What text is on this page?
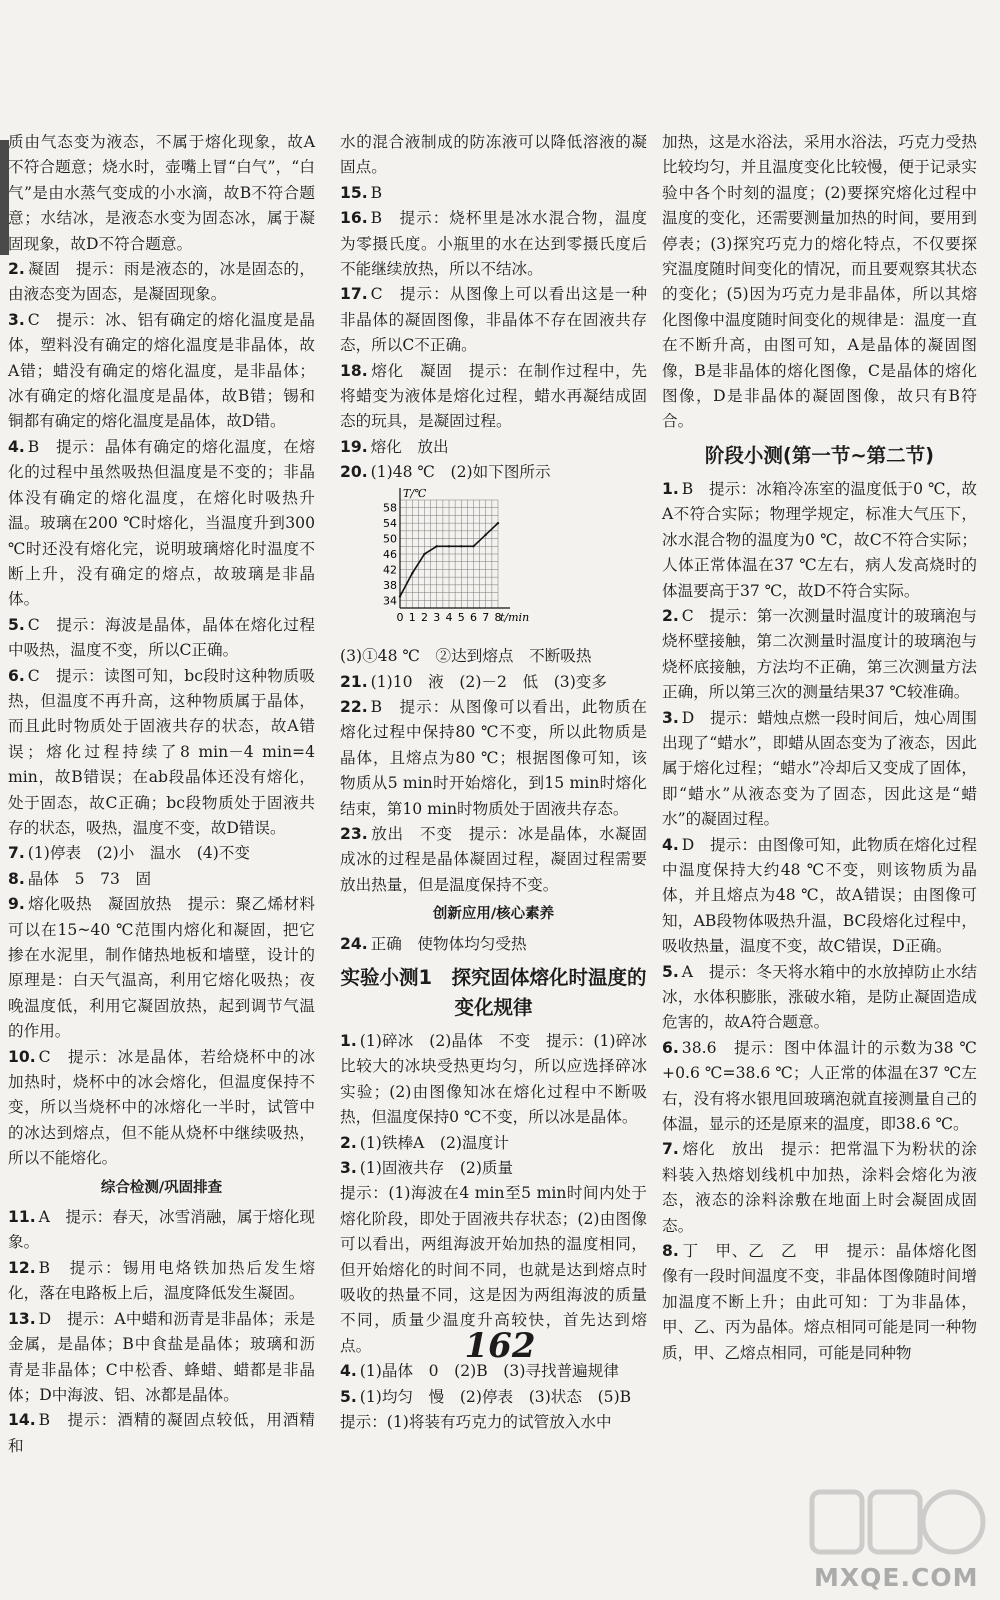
质由气态变为液态，不属于熔化现象，故A不符合题意；烧水时，壶嘴上冒“白气”，“白气”是由水蒸气变成的小水滴，故B不符合题意；水结冰，是液态水变为固态冰，属于凝固现象，故D不符合题意。

2. 凝固　提示：雨是液态的，冰是固态的，由液态变为固态，是凝固现象。

3. C　提示：冰、铝有确定的熔化温度是晶体，塑料没有确定的熔化温度是非晶体，故A错；蜡没有确定的熔化温度，是非晶体；冰有确定的熔化温度是晶体，故B错；锡和铜都有确定的熔化温度是晶体，故D错。

4. B　提示：晶体有确定的熔化温度，在熔化的过程中虽然吸热但温度是不变的；非晶体没有确定的熔化温度，在熔化时吸热升温。玻璃在200 ℃时熔化，当温度升到300 ℃时还没有熔化完，说明玻璃熔化时温度不断上升，没有确定的熔点，故玻璃是非晶体。

5. C　提示：海波是晶体，晶体在熔化过程中吸热，温度不变，所以C正确。

6. C　提示：读图可知，bc段时这种物质吸热，但温度不再升高，这种物质属于晶体，而且此时物质处于固液共存的状态，故A错误；熔化过程持续了8 min－4 min=4 min，故B错误；在ab段晶体还没有熔化，处于固态，故C正确；bc段物质处于固液共存的状态，吸热，温度不变，故D错误。

7. (1)停表　(2)小　温水　(4)不变

8. 晶体　5　73　固

9. 熔化吸热　凝固放热　提示：聚乙烯材料可以在15~40 ℃范围内熔化和凝固，把它掺在水泥里，制作储热地板和墙壁，设计的原理是：白天气温高，利用它熔化吸热；夜晚温度低，利用它凝固放热，起到调节气温的作用。

10. C　提示：冰是晶体，若给烧杯中的冰加热时，烧杯中的冰会熔化，但温度保持不变，所以当烧杯中的冰熔化一半时，试管中的冰达到熔点，但不能从烧杯中继续吸热，所以不能熔化。

综合检测/巩固排查

11. A　提示：春天，冰雪消融，属于熔化现象。

12. B　提示：锡用电烙铁加热后发生熔化，落在电路板上后，温度降低发生凝固。

13. D　提示：A中蜡和沥青是非晶体；汞是金属，是晶体；B中食盐是晶体；玻璃和沥青是非晶体；C中松香、蜂蜡、蜡都是非晶体；D中海波、铝、冰都是晶体。

14. B　提示：酒精的凝固点较低，用酒精和

水的混合液制成的防冻液可以降低溶液的凝固点。

15. B

16. B　提示：烧杯里是冰水混合物，温度为零摄氏度。小瓶里的水在达到零摄氏度后不能继续放热，所以不结冰。

17. C　提示：从图像上可以看出这是一种非晶体的凝固图像，非晶体不存在固液共存态，所以C不正确。

18. 熔化　凝固　提示：在制作过程中，先将蜡变为液体是熔化过程，蜡水再凝结成固态的玩具，是凝固过程。

19. 熔化　放出

20. (1)48 ℃　(2)如下图所示

0 1 2 3 4 5 6 7 8
34
38
42
46
50
54
58
t/min
T/℃

(3)①48 ℃　②达到熔点　不断吸热

21. (1)10　液　(2)－2　低　(3)变多

22. B　提示：从图像可以看出，此物质在熔化过程中保持80 ℃不变，所以此物质是晶体，且熔点为80 ℃；根据图像可知，该物质从5 min时开始熔化，到15 min时熔化结束，第10 min时物质处于固液共存态。

23. 放出　不变　提示：冰是晶体，水凝固成冰的过程是晶体凝固过程，凝固过程需要放出热量，但是温度保持不变。

创新应用/核心素养

24. 正确　使物体均匀受热

实验小测1　探究固体熔化时温度的变化规律

1. (1)碎冰　(2)晶体　不变　提示：(1)碎冰比较大的冰块受热更均匀，所以应选择碎冰实验；(2)由图像知冰在熔化过程中不断吸热，但温度保持0 ℃不变，所以冰是晶体。

2. (1)铁棒A　(2)温度计

3. (1)固液共存　(2)质量

提示：(1)海波在4 min至5 min时间内处于熔化阶段，即处于固液共存状态；(2)由图像可以看出，两组海波开始加热的温度相同，但开始熔化的时间不同，也就是达到熔点时吸收的热量不同，这是因为两组海波的质量不同，质量少温度升高较快，首先达到熔点。

4. (1)晶体　0　(2)B　(3)寻找普遍规律

5. (1)均匀　慢　(2)停表　(3)状态　(5)B

提示：(1)将装有巧克力的试管放入水中

加热，这是水浴法，采用水浴法，巧克力受热比较均匀，并且温度变化比较慢，便于记录实验中各个时刻的温度；(2)要探究熔化过程中温度的变化，还需要测量加热的时间，要用到停表；(3)探究巧克力的熔化特点，不仅要探究温度随时间变化的情况，而且要观察其状态的变化；(5)因为巧克力是非晶体，所以其熔化图像中温度随时间变化的规律是：温度一直在不断升高，由图可知，A是晶体的凝固图像，B是非晶体的熔化图像，C是晶体的熔化图像，D是非晶体的凝固图像，故只有B符合。

阶段小测(第一节~第二节)

1. B　提示：冰箱冷冻室的温度低于0 ℃，故A不符合实际；物理学规定，标准大气压下，冰水混合物的温度为0 ℃，故C不符合实际；人体正常体温在37 ℃左右，病人发高烧时的体温要高于37 ℃，故D不符合实际。

2. C　提示：第一次测量时温度计的玻璃泡与烧杯壁接触，第二次测量时温度计的玻璃泡与烧杯底接触，方法均不正确，第三次测量方法正确，所以第三次的测量结果37 ℃较准确。

3. D　提示：蜡烛点燃一段时间后，烛心周围出现了“蜡水”，即蜡从固态变为了液态，因此属于熔化过程；“蜡水”冷却后又变成了固体，即“蜡水”从液态变为了固态，因此这是“蜡水”的凝固过程。

4. D　提示：由图像可知，此物质在熔化过程中温度保持大约48 ℃不变，则该物质为晶体，并且熔点为48 ℃，故A错误；由图像可知，AB段物体吸热升温，BC段熔化过程中，吸收热量，温度不变，故C错误，D正确。

5. A　提示：冬天将水箱中的水放掉防止水结冰，水体积膨胀，涨破水箱，是防止凝固造成危害的，故A符合题意。

6. 38.6　提示：图中体温计的示数为38 ℃+0.6 ℃=38.6 ℃；人正常的体温在37 ℃左右，没有将水银甩回玻璃泡就直接测量自己的体温，显示的还是原来的温度，即38.6 ℃。

7. 熔化　放出　提示：把常温下为粉状的涂料装入热熔划线机中加热，涂料会熔化为液态，液态的涂料涂敷在地面上时会凝固成固态。

8. 丁　甲、乙　乙　甲　提示：晶体熔化图像有一段时间温度不变，非晶体图像随时间增加温度不断上升；由此可知：丁为非晶体，甲、乙、丙为晶体。熔点相同可能是同一种物质，甲、乙熔点相同，可能是同种物

162
MXQE.COM
